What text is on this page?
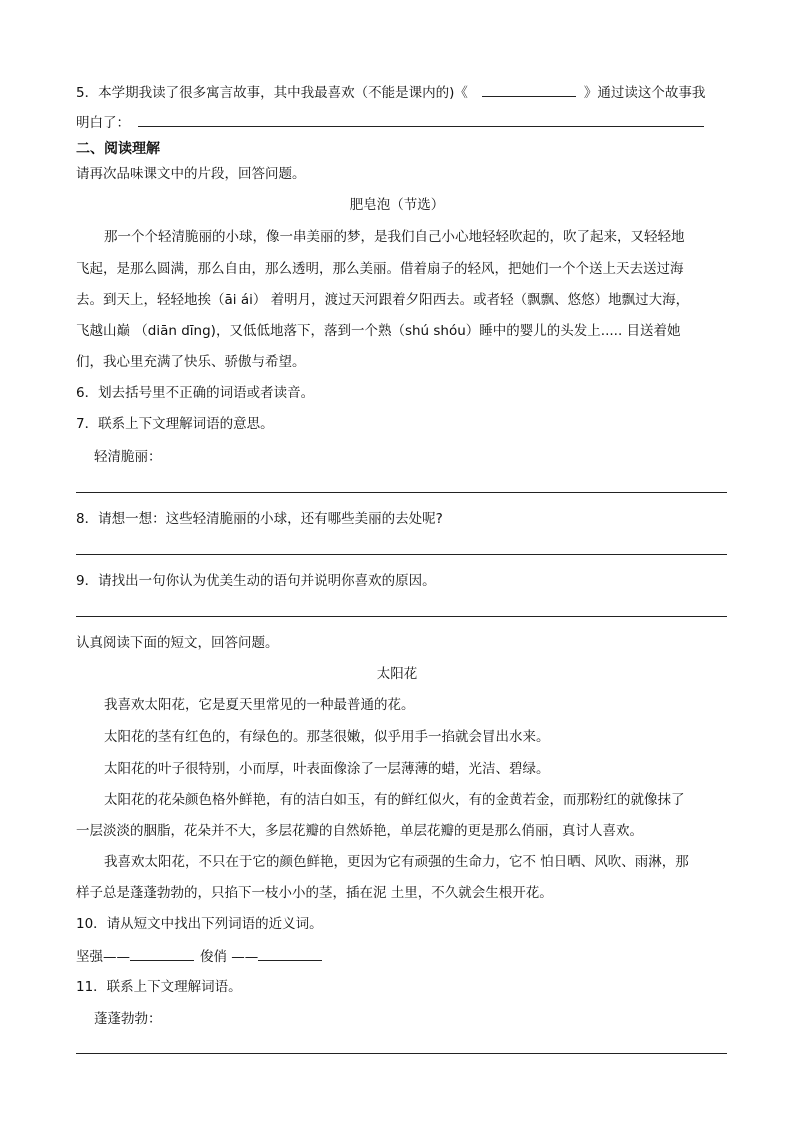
5．本学期我读了很多寓言故事，其中我最喜欢（不能是课内的)《	》通过读这个故事我
明白了：
二、阅读理解
请再次品味课文中的片段，回答问题。
肥皂泡（节选）
那一个个轻清脆丽的小球，像一串美丽的梦，是我们自己小心地轻轻吹起的，吹了起来，又轻轻地
飞起，是那么圆满，那么自由，那么透明，那么美丽。借着扇子的轻风，把她们一个个送上天去送过海
去。到天上，轻轻地挨（āi ái） 着明月，渡过天河跟着夕阳西去。或者轻（飘飘、悠悠）地飘过大海，
飞越山巅 （diān dīng)，又低低地落下，落到一个熟（shú shóu）睡中的婴儿的头发上..... 目送着她
们，我心里充满了快乐、骄傲与希望。
6．划去括号里不正确的词语或者读音。
7．联系上下文理解词语的意思。
轻清脆丽：
8．请想一想：这些轻清脆丽的小球，还有哪些美丽的去处呢?
9．请找出一句你认为优美生动的语句并说明你喜欢的原因。
认真阅读下面的短文，回答问题。
太阳花
我喜欢太阳花，它是夏天里常见的一种最普通的花。
太阳花的茎有红色的，有绿色的。那茎很嫩，似乎用手一掐就会冒出水来。
太阳花的叶子很特别，小而厚，叶表面像涂了一层薄薄的蜡，光洁、碧绿。
太阳花的花朵颜色格外鲜艳，有的洁白如玉，有的鲜红似火，有的金黄若金，而那粉红的就像抹了
一层淡淡的胭脂，花朵并不大，多层花瓣的自然娇艳，单层花瓣的更是那么俏丽，真讨人喜欢。
我喜欢太阳花，不只在于它的颜色鲜艳，更因为它有顽强的生命力，它不 怕日晒、风吹、雨淋，那
样子总是蓬蓬勃勃的，只掐下一枝小小的茎，插在泥 土里，不久就会生根开花。
10．请从短文中找出下列词语的近义词。
坚强——	俊俏 ——
11．联系上下文理解词语。
蓬蓬勃勃：
